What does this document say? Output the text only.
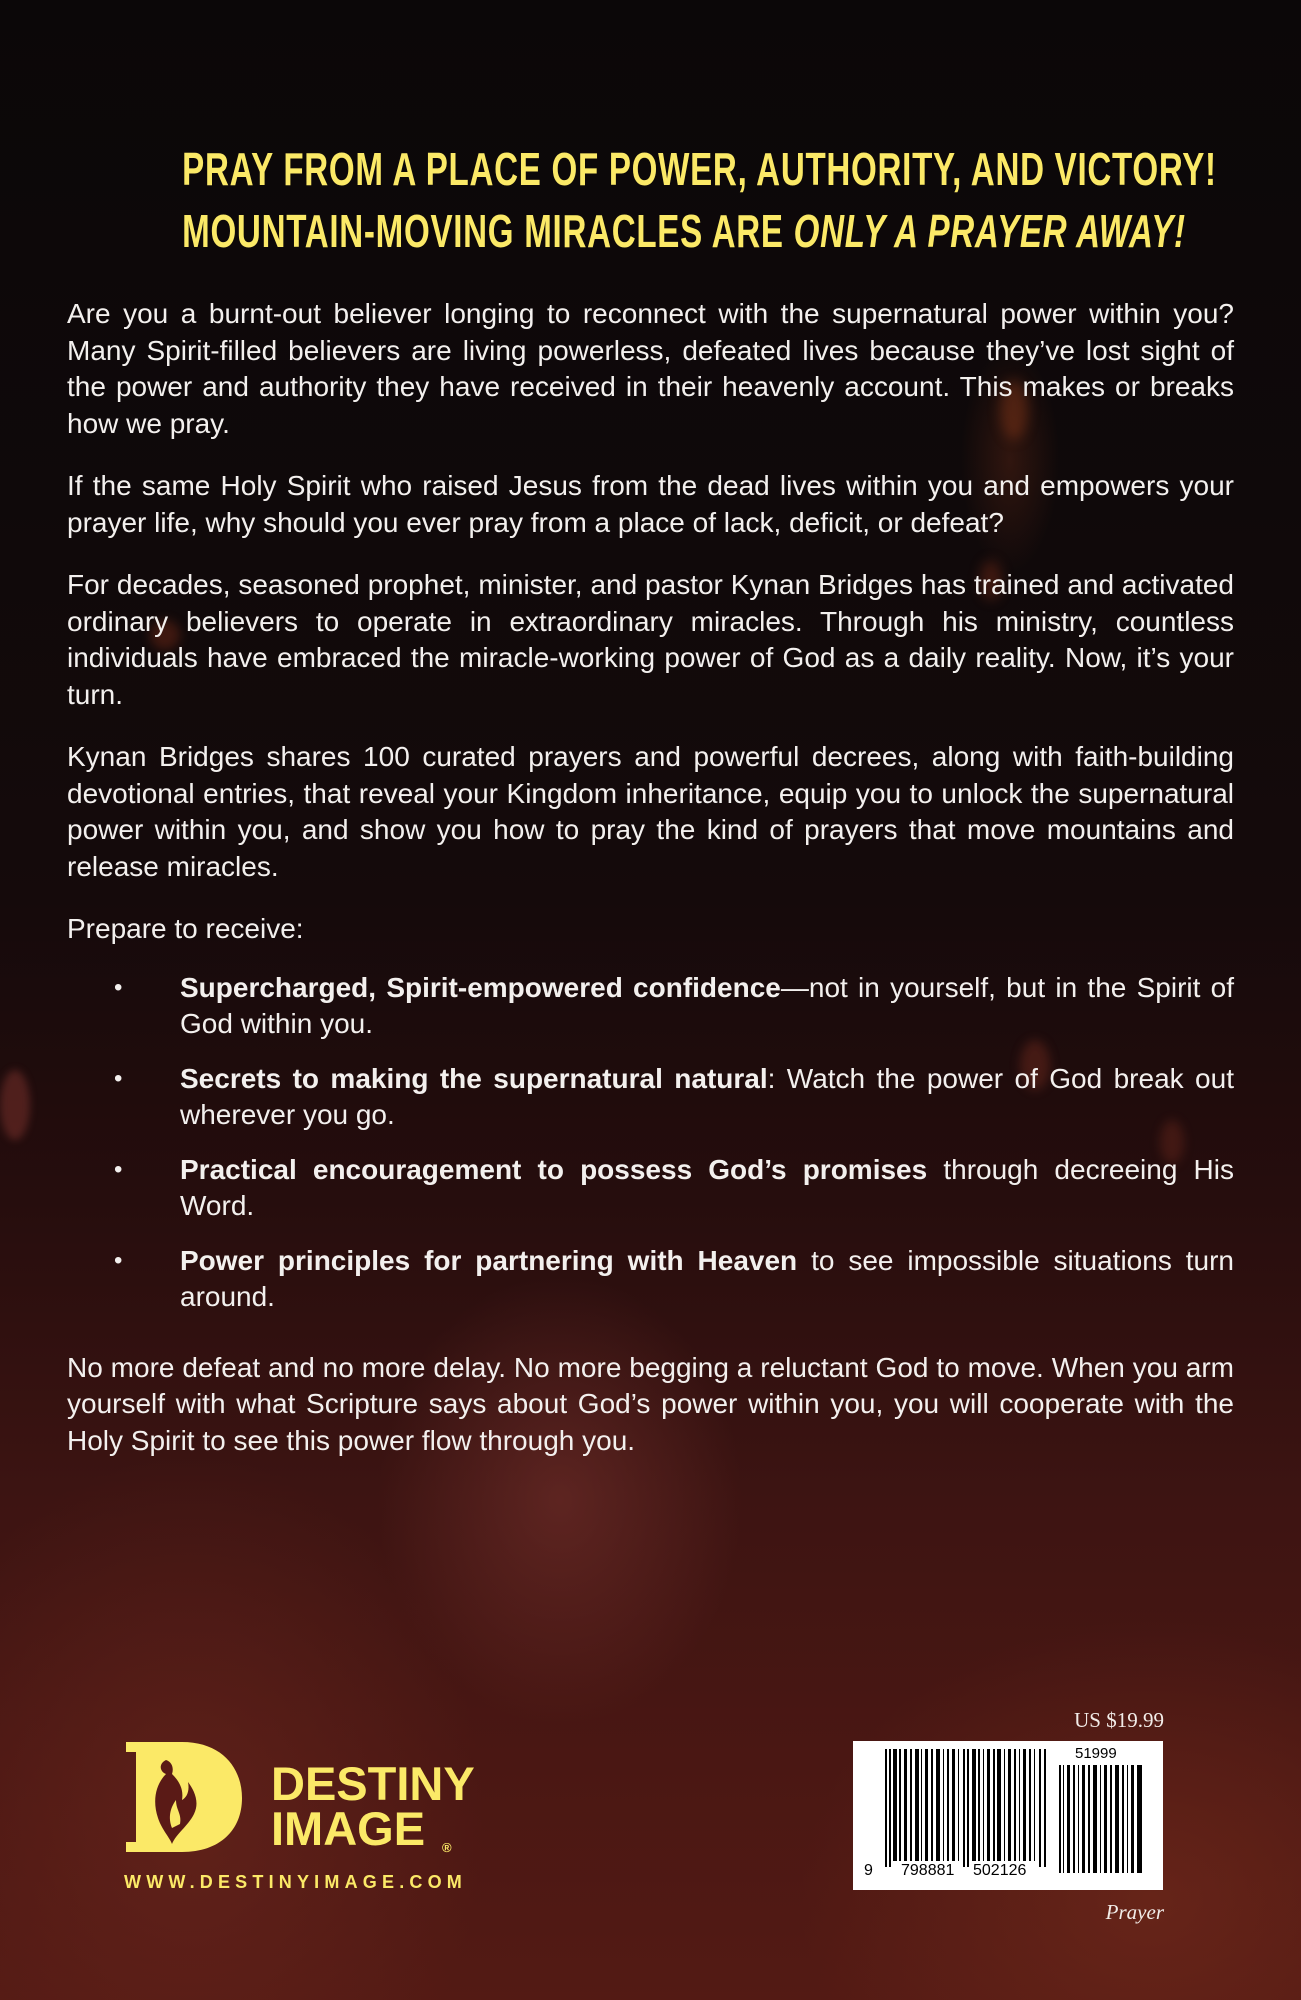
PRAY FROM A PLACE OF POWER, AUTHORITY, AND VICTORY!
MOUNTAIN-MOVING MIRACLES ARE ONLY A PRAYER AWAY!

Are you a burnt-out believer longing to reconnect with the supernatural power within you? Many Spirit-filled believers are living powerless, defeated lives because they’ve lost sight of the power and authority they have received in their heavenly account. This makes or breaks how we pray.

If the same Holy Spirit who raised Jesus from the dead lives within you and empowers your prayer life, why should you ever pray from a place of lack, deficit, or defeat?

For decades, seasoned prophet, minister, and pastor Kynan Bridges has trained and activated ordinary believers to operate in extraordinary miracles. Through his ministry, countless individuals have embraced the miracle-working power of God as a daily reality. Now, it’s your turn.

Kynan Bridges shares 100 curated prayers and powerful decrees, along with faith-building devotional entries, that reveal your Kingdom inheritance, equip you to unlock the supernatural power within you, and show you how to pray the kind of prayers that move mountains and release miracles.

Prepare to receive:

• Supercharged, Spirit-empowered confidence—not in yourself, but in the Spirit of God within you.
• Secrets to making the supernatural natural: Watch the power of God break out wherever you go.
• Practical encouragement to possess God’s promises through decreeing His Word.
• Power principles for partnering with Heaven to see impossible situations turn around.

No more defeat and no more delay. No more begging a reluctant God to move. When you arm yourself with what Scripture says about God’s power within you, you will cooperate with the Holy Spirit to see this power flow through you.

DESTINY
IMAGE ®
WWW.DESTINYIMAGE.COM
US $19.99
9 798881 502126
51999
Prayer
